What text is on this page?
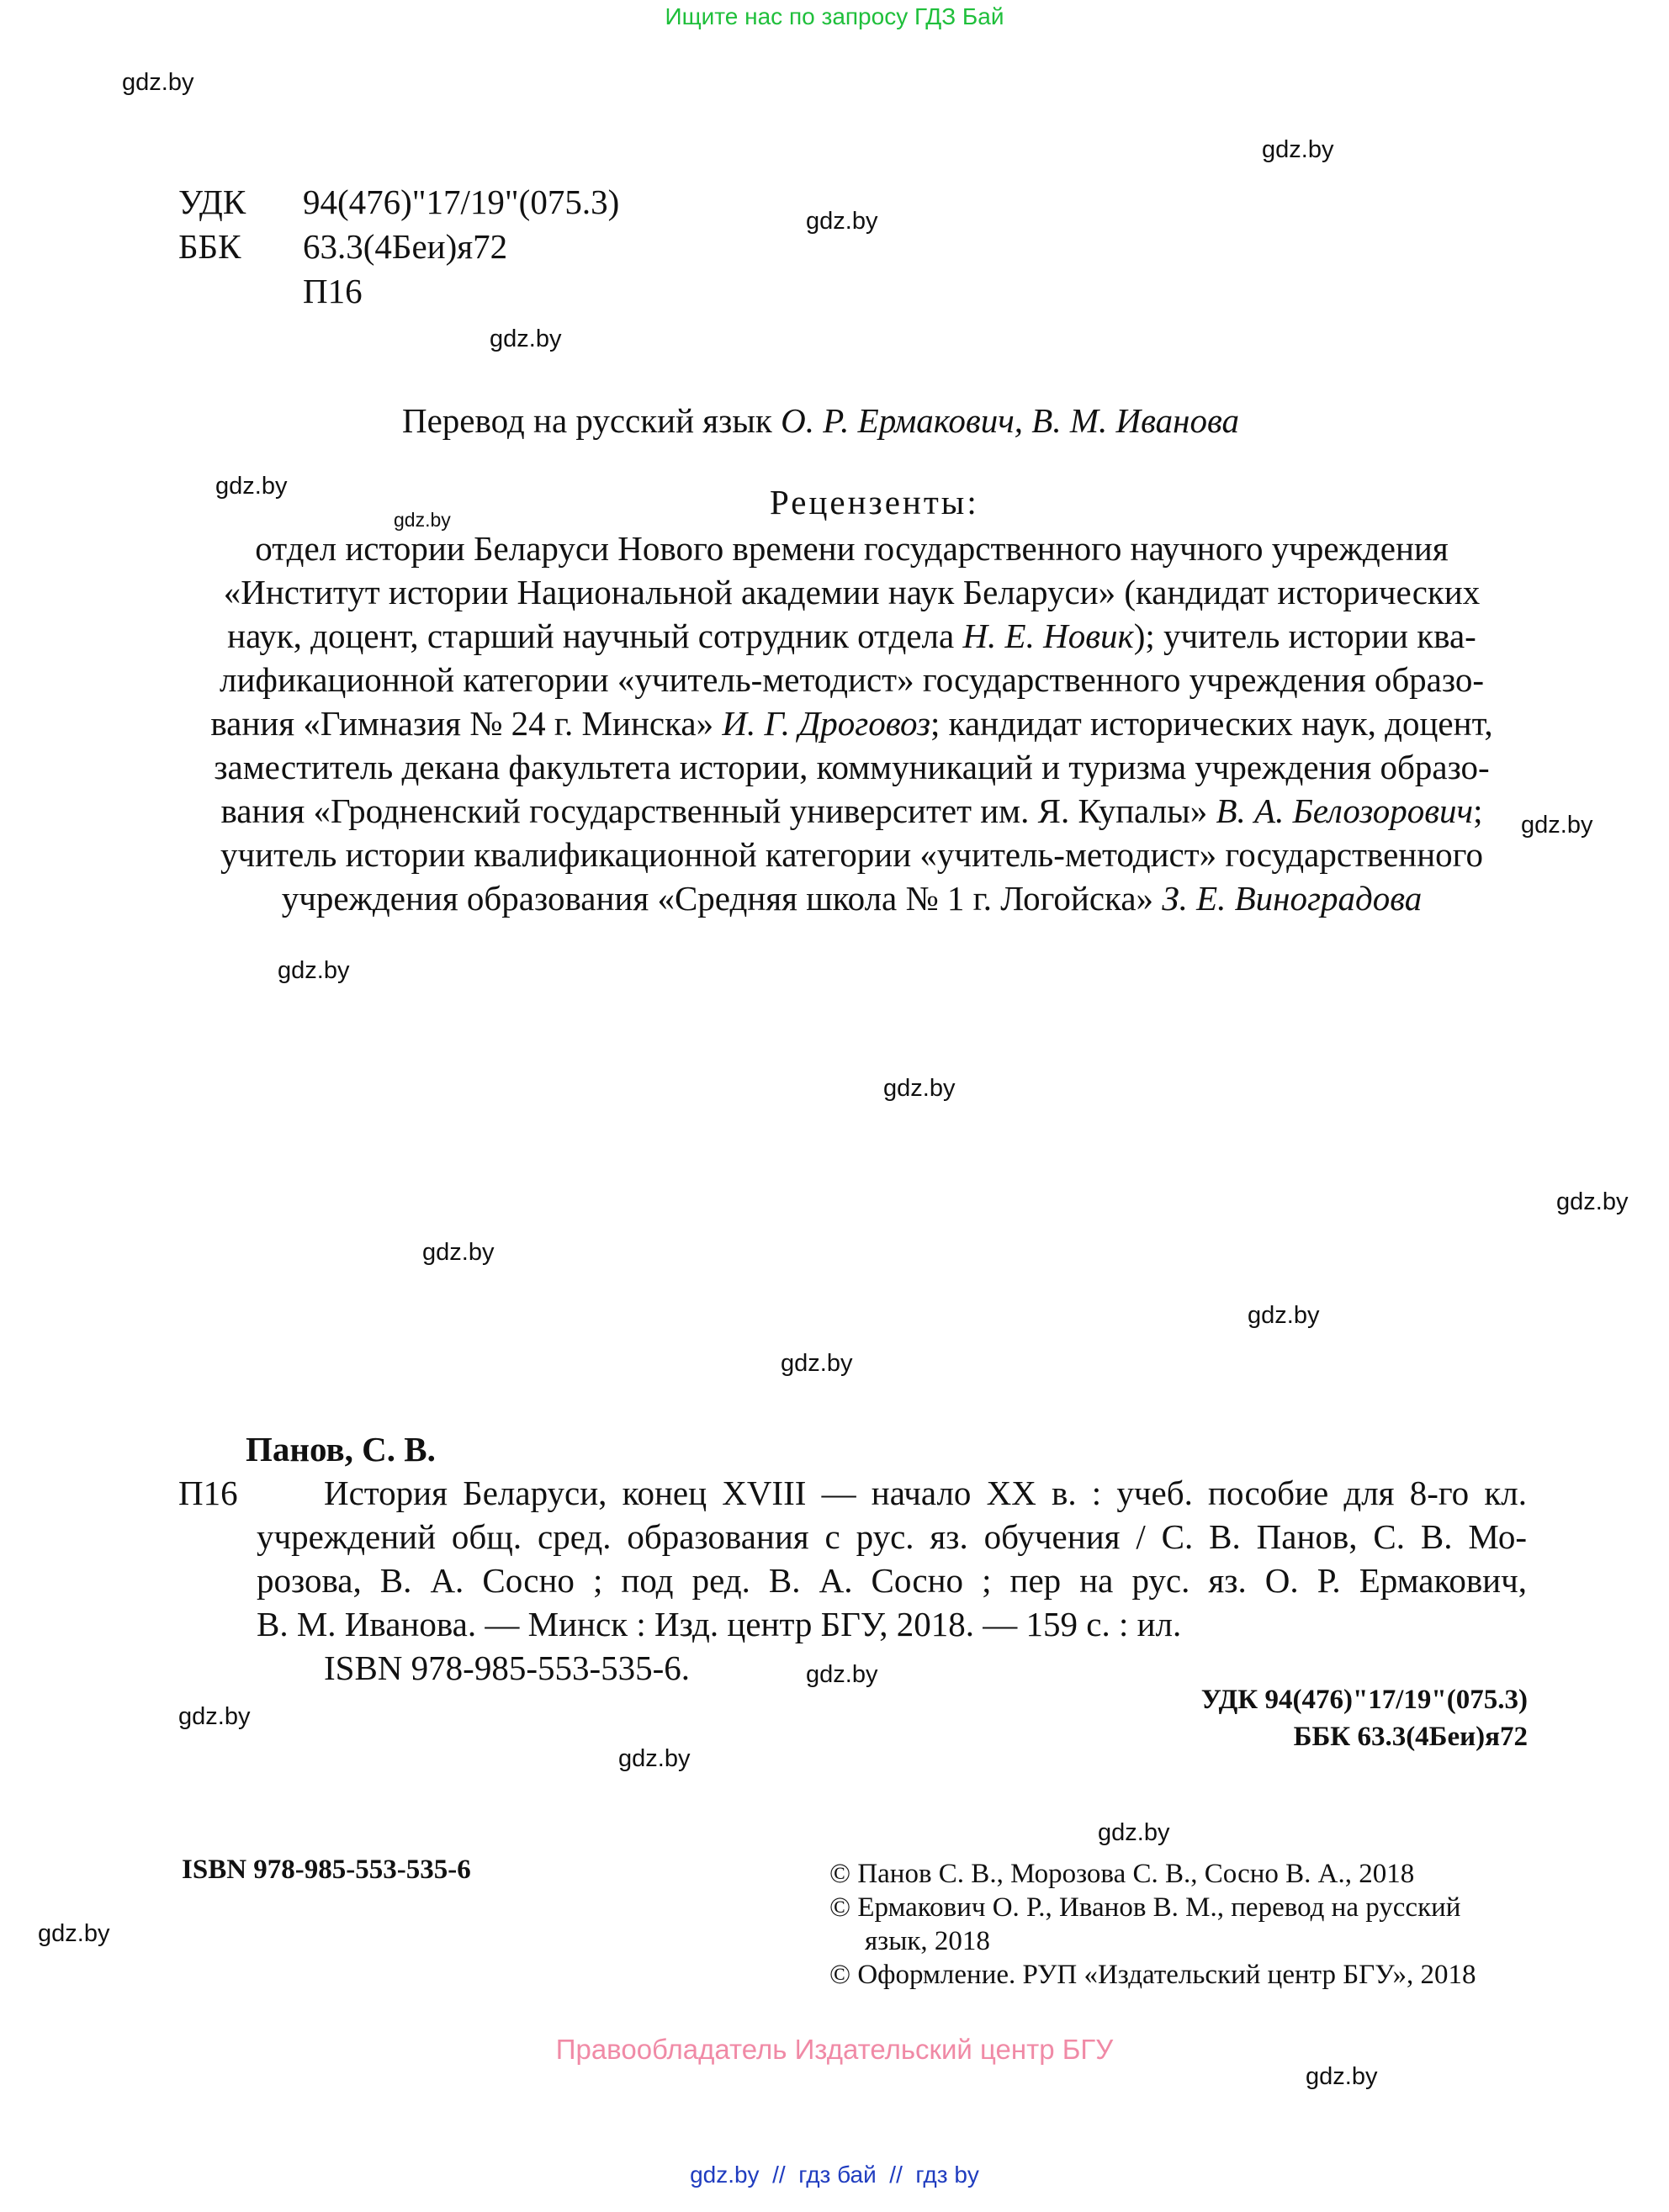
Ищите нас по запросу ГДЗ Бай
gdz.by
gdz.by
gdz.by
gdz.by
gdz.by
gdz.by
gdz.by
gdz.by
gdz.by
gdz.by
gdz.by
gdz.by
gdz.by
gdz.by
gdz.by
gdz.by
gdz.by
gdz.by
gdz.by
УДК 94(476)"17/19"(075.3)
ББК 63.3(4Беи)я72
П16
Перевод на русский язык О. Р. Ермакович, В. М. Иванова
Рецензенты:
отдел истории Беларуси Нового времени государственного научного учреждения
«Институт истории Национальной академии наук Беларуси» (кандидат исторических
наук, доцент, старший научный сотрудник отдела Н. Е. Новик); учитель истории ква-
лификационной категории «учитель-методист» государственного учреждения образо-
вания «Гимназия № 24 г. Минска» И. Г. Дроговоз; кандидат исторических наук, доцент,
заместитель декана факультета истории, коммуникаций и туризма учреждения образо-
вания «Гродненский государственный университет им. Я. Купалы» В. А. Белозорович;
учитель истории квалификационной категории «учитель-методист» государственного
учреждения образования «Средняя школа № 1 г. Логойска» З. Е. Виноградова
Панов, С. В.
П16 История Беларуси, конец XVIII — начало XX в. : учеб. пособие для 8-го кл.
учреждений общ. сред. образования с рус. яз. обучения / С. В. Панов, С. В. Мо-
розова, В. А. Сосно ; под ред. В. А. Сосно ; пер на рус. яз. О. Р. Ермакович,
В. М. Иванова. — Минск : Изд. центр БГУ, 2018. — 159 с. : ил.
ISBN 978-985-553-535-6.
УДК 94(476)"17/19"(075.3)
ББК 63.3(4Беи)я72
ISBN 978-985-553-535-6	© Панов С. В., Морозова С. В., Сосно В. А., 2018
© Ермакович О. Р., Иванов В. М., перевод на русский
язык, 2018
© Оформление. РУП «Издательский центр БГУ», 2018
Правообладатель Издательский центр БГУ
gdz.by  //  гдз бай  //  гдз by
